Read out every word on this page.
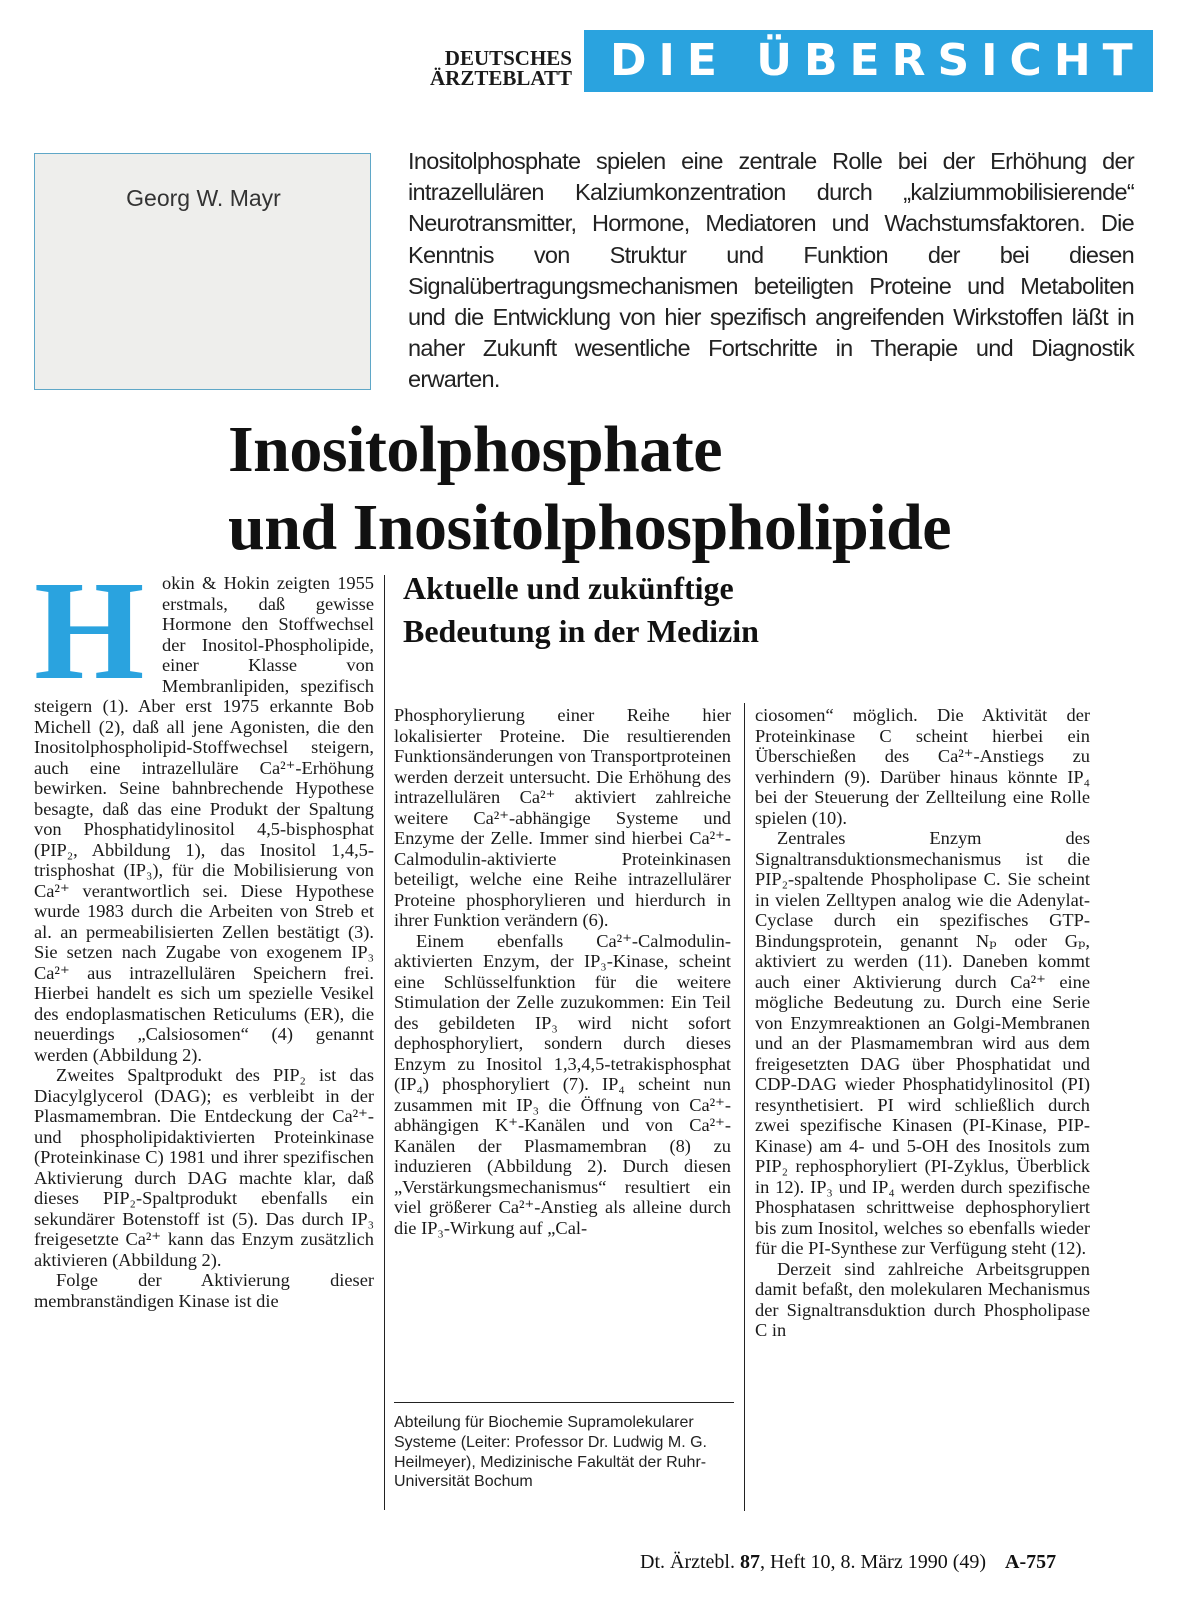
DEUTSCHES
ÄRZTEBLATT DIE ÜBERSICHT
Georg W. Mayr
Inositolphosphate spielen eine zentrale Rolle bei der Erhöhung der intrazellulären Kalziumkonzentration durch „kalziummobilisierende“ Neurotransmitter, Hormone, Mediatoren und Wachstumsfaktoren. Die Kenntnis von Struktur und Funktion der bei diesen Signalübertragungsmechanismen beteiligten Proteine und Metaboliten und die Entwicklung von hier spezifisch angreifenden Wirkstoffen läßt in naher Zukunft wesentliche Fortschritte in Therapie und Diagnostik erwarten.
Inositolphosphate
und Inositolphospholipide
Aktuelle und zukünftige
Bedeutung in der Medizin

H okin & Hokin zeigten 1955 erstmals, daß gewisse Hormone den Stoffwechsel der Inositol-Phospholipide, einer Klasse von Membranlipiden, spezifisch steigern (1). Aber erst 1975 erkannte Bob Michell (2), daß all jene Agonisten, die den Inositolphospholipid-Stoffwechsel steigern, auch eine intrazelluläre Ca²⁺-Erhöhung bewirken. Seine bahnbrechende Hypothese besagte, daß das eine Produkt der Spaltung von Phosphatidylinositol 4,5-bisphosphat (PIP₂, Abbildung 1), das Inositol 1,4,5-trisphoshat (IP₃), für die Mobilisierung von Ca²⁺ verantwortlich sei. Diese Hypothese wurde 1983 durch die Arbeiten von Streb et al. an permeabilisierten Zellen bestätigt (3). Sie setzen nach Zugabe von exogenem IP₃ Ca²⁺ aus intrazellulären Speichern frei. Hierbei handelt es sich um spezielle Vesikel des endoplasmatischen Reticulums (ER), die neuerdings „Calsiosomen“ (4) genannt werden (Abbildung 2).

Zweites Spaltprodukt des PIP₂ ist das Diacylglycerol (DAG); es verbleibt in der Plasmamembran. Die Entdeckung der Ca²⁺- und phospholipidaktivierten Proteinkinase (Proteinkinase C) 1981 und ihrer spezifischen Aktivierung durch DAG machte klar, daß dieses PIP₂-Spaltprodukt ebenfalls ein sekundärer Botenstoff ist (5). Das durch IP₃ freigesetzte Ca²⁺ kann das Enzym zusätzlich aktivieren (Abbildung 2).

Folge der Aktivierung dieser membranständigen Kinase ist die

Phosphorylierung einer Reihe hier lokalisierter Proteine. Die resultierenden Funktionsänderungen von Transportproteinen werden derzeit untersucht. Die Erhöhung des intrazellulären Ca²⁺ aktiviert zahlreiche weitere Ca²⁺-abhängige Systeme und Enzyme der Zelle. Immer sind hierbei Ca²⁺-Calmodulin-aktivierte Proteinkinasen beteiligt, welche eine Reihe intrazellulärer Proteine phosphorylieren und hierdurch in ihrer Funktion verändern (6).

Einem ebenfalls Ca²⁺-Calmodulin-aktivierten Enzym, der IP₃-Kinase, scheint eine Schlüsselfunktion für die weitere Stimulation der Zelle zuzukommen: Ein Teil des gebildeten IP₃ wird nicht sofort dephosphoryliert, sondern durch dieses Enzym zu Inositol 1,3,4,5-tetrakisphosphat (IP₄) phosphoryliert (7). IP₄ scheint nun zusammen mit IP₃ die Öffnung von Ca²⁺-abhängigen K⁺-Kanälen und von Ca²⁺-Kanälen der Plasmamembran (8) zu induzieren (Abbildung 2). Durch diesen „Verstärkungsmechanismus“ resultiert ein viel größerer Ca²⁺-Anstieg als alleine durch die IP₃-Wirkung auf „Cal-

Abteilung für Biochemie Supramolekularer Systeme (Leiter: Professor Dr. Ludwig M. G. Heilmeyer), Medizinische Fakultät der Ruhr-Universität Bochum

ciosomen“ möglich. Die Aktivität der Proteinkinase C scheint hierbei ein Überschießen des Ca²⁺-Anstiegs zu verhindern (9). Darüber hinaus könnte IP₄ bei der Steuerung der Zellteilung eine Rolle spielen (10).

Zentrales Enzym des Signaltransduktionsmechanismus ist die PIP₂-spaltende Phospholipase C. Sie scheint in vielen Zelltypen analog wie die Adenylat-Cyclase durch ein spezifisches GTP-Bindungsprotein, genannt Nₚ oder Gₚ, aktiviert zu werden (11). Daneben kommt auch einer Aktivierung durch Ca²⁺ eine mögliche Bedeutung zu. Durch eine Serie von Enzymreaktionen an Golgi-Membranen und an der Plasmamembran wird aus dem freigesetzten DAG über Phosphatidat und CDP-DAG wieder Phosphatidylinositol (PI) resynthetisiert. PI wird schließlich durch zwei spezifische Kinasen (PI-Kinase, PIP-Kinase) am 4- und 5-OH des Inositols zum PIP₂ rephosphoryliert (PI-Zyklus, Überblick in 12). IP₃ und IP₄ werden durch spezifische Phosphatasen schrittweise dephosphoryliert bis zum Inositol, welches so ebenfalls wieder für die PI-Synthese zur Verfügung steht (12).

Derzeit sind zahlreiche Arbeitsgruppen damit befaßt, den molekularen Mechanismus der Signaltransduktion durch Phospholipase C in

Dt. Ärztebl. 87, Heft 10, 8. März 1990 (49) A-757
